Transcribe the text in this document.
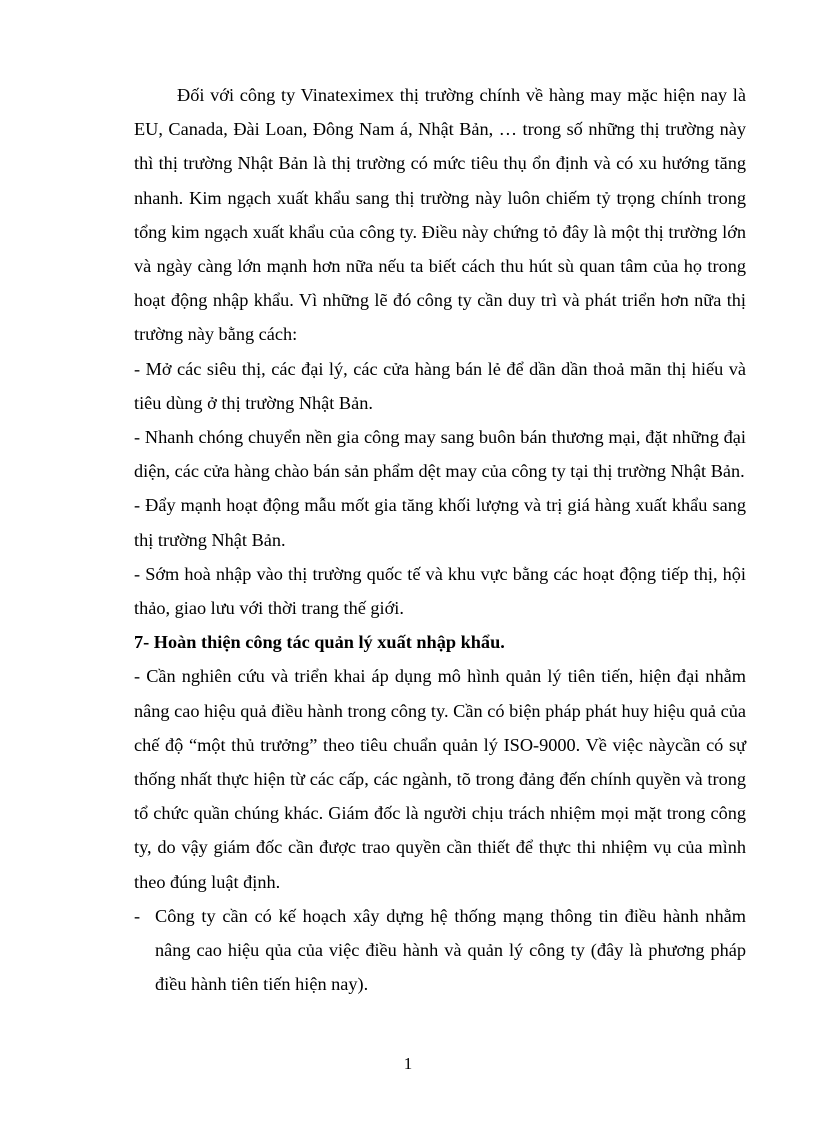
Đối với công ty Vinateximex thị trường chính về hàng may mặc hiện nay là EU, Canada, Đài Loan, Đông Nam á, Nhật Bản, … trong số những thị trường này thì thị trường Nhật Bản là thị trường có mức tiêu thụ ổn định và có xu hướng tăng nhanh. Kim ngạch xuất khẩu sang thị trường này luôn chiếm tỷ trọng chính trong tổng kim ngạch xuất khẩu của công ty. Điều này chứng tỏ đây là một thị trường lớn và ngày càng lớn mạnh hơn nữa nếu ta biết cách thu hút sù quan tâm của họ trong hoạt động nhập khẩu. Vì những lẽ đó công ty cần duy trì và phát triển hơn nữa thị trường này bằng cách:

- Mở các siêu thị, các đại lý, các cửa hàng bán lẻ để dần dần thoả mãn thị hiếu và tiêu dùng ở thị trường Nhật Bản.

- Nhanh chóng chuyển nền gia công may sang buôn bán thương mại, đặt những đại diện, các cửa hàng chào bán sản phẩm dệt may của công ty tại thị trường Nhật Bản.

- Đẩy mạnh hoạt động mẫu mốt gia tăng khối lượng và trị giá hàng xuất khẩu sang thị trường Nhật Bản.

- Sớm hoà nhập vào thị trường quốc tế và khu vực bằng các hoạt động tiếp thị, hội thảo, giao lưu với thời trang thế giới.

7- Hoàn thiện công tác quản lý xuất nhập khẩu.

- Cần nghiên cứu và triển khai áp dụng mô hình quản lý tiên tiến, hiện đại nhằm nâng cao hiệu quả điều hành trong công ty. Cần có biện pháp phát huy hiệu quả của chế độ “một thủ trưởng” theo tiêu chuẩn quản lý ISO-9000. Về việc nàycần có sự thống nhất thực hiện từ các cấp, các ngành, tõ trong đảng đến chính quyền và trong tổ chức quần chúng khác. Giám đốc là người chịu trách nhiệm mọi mặt trong công ty, do vậy giám đốc cần được trao quyền cần thiết để thực thi nhiệm vụ của mình theo đúng luật định.

- Công ty cần có kế hoạch xây dựng hệ thống mạng thông tin điều hành nhằm nâng cao hiệu qủa của việc điều hành và quản lý công ty (đây là phương pháp điều hành tiên tiến hiện nay).
1
